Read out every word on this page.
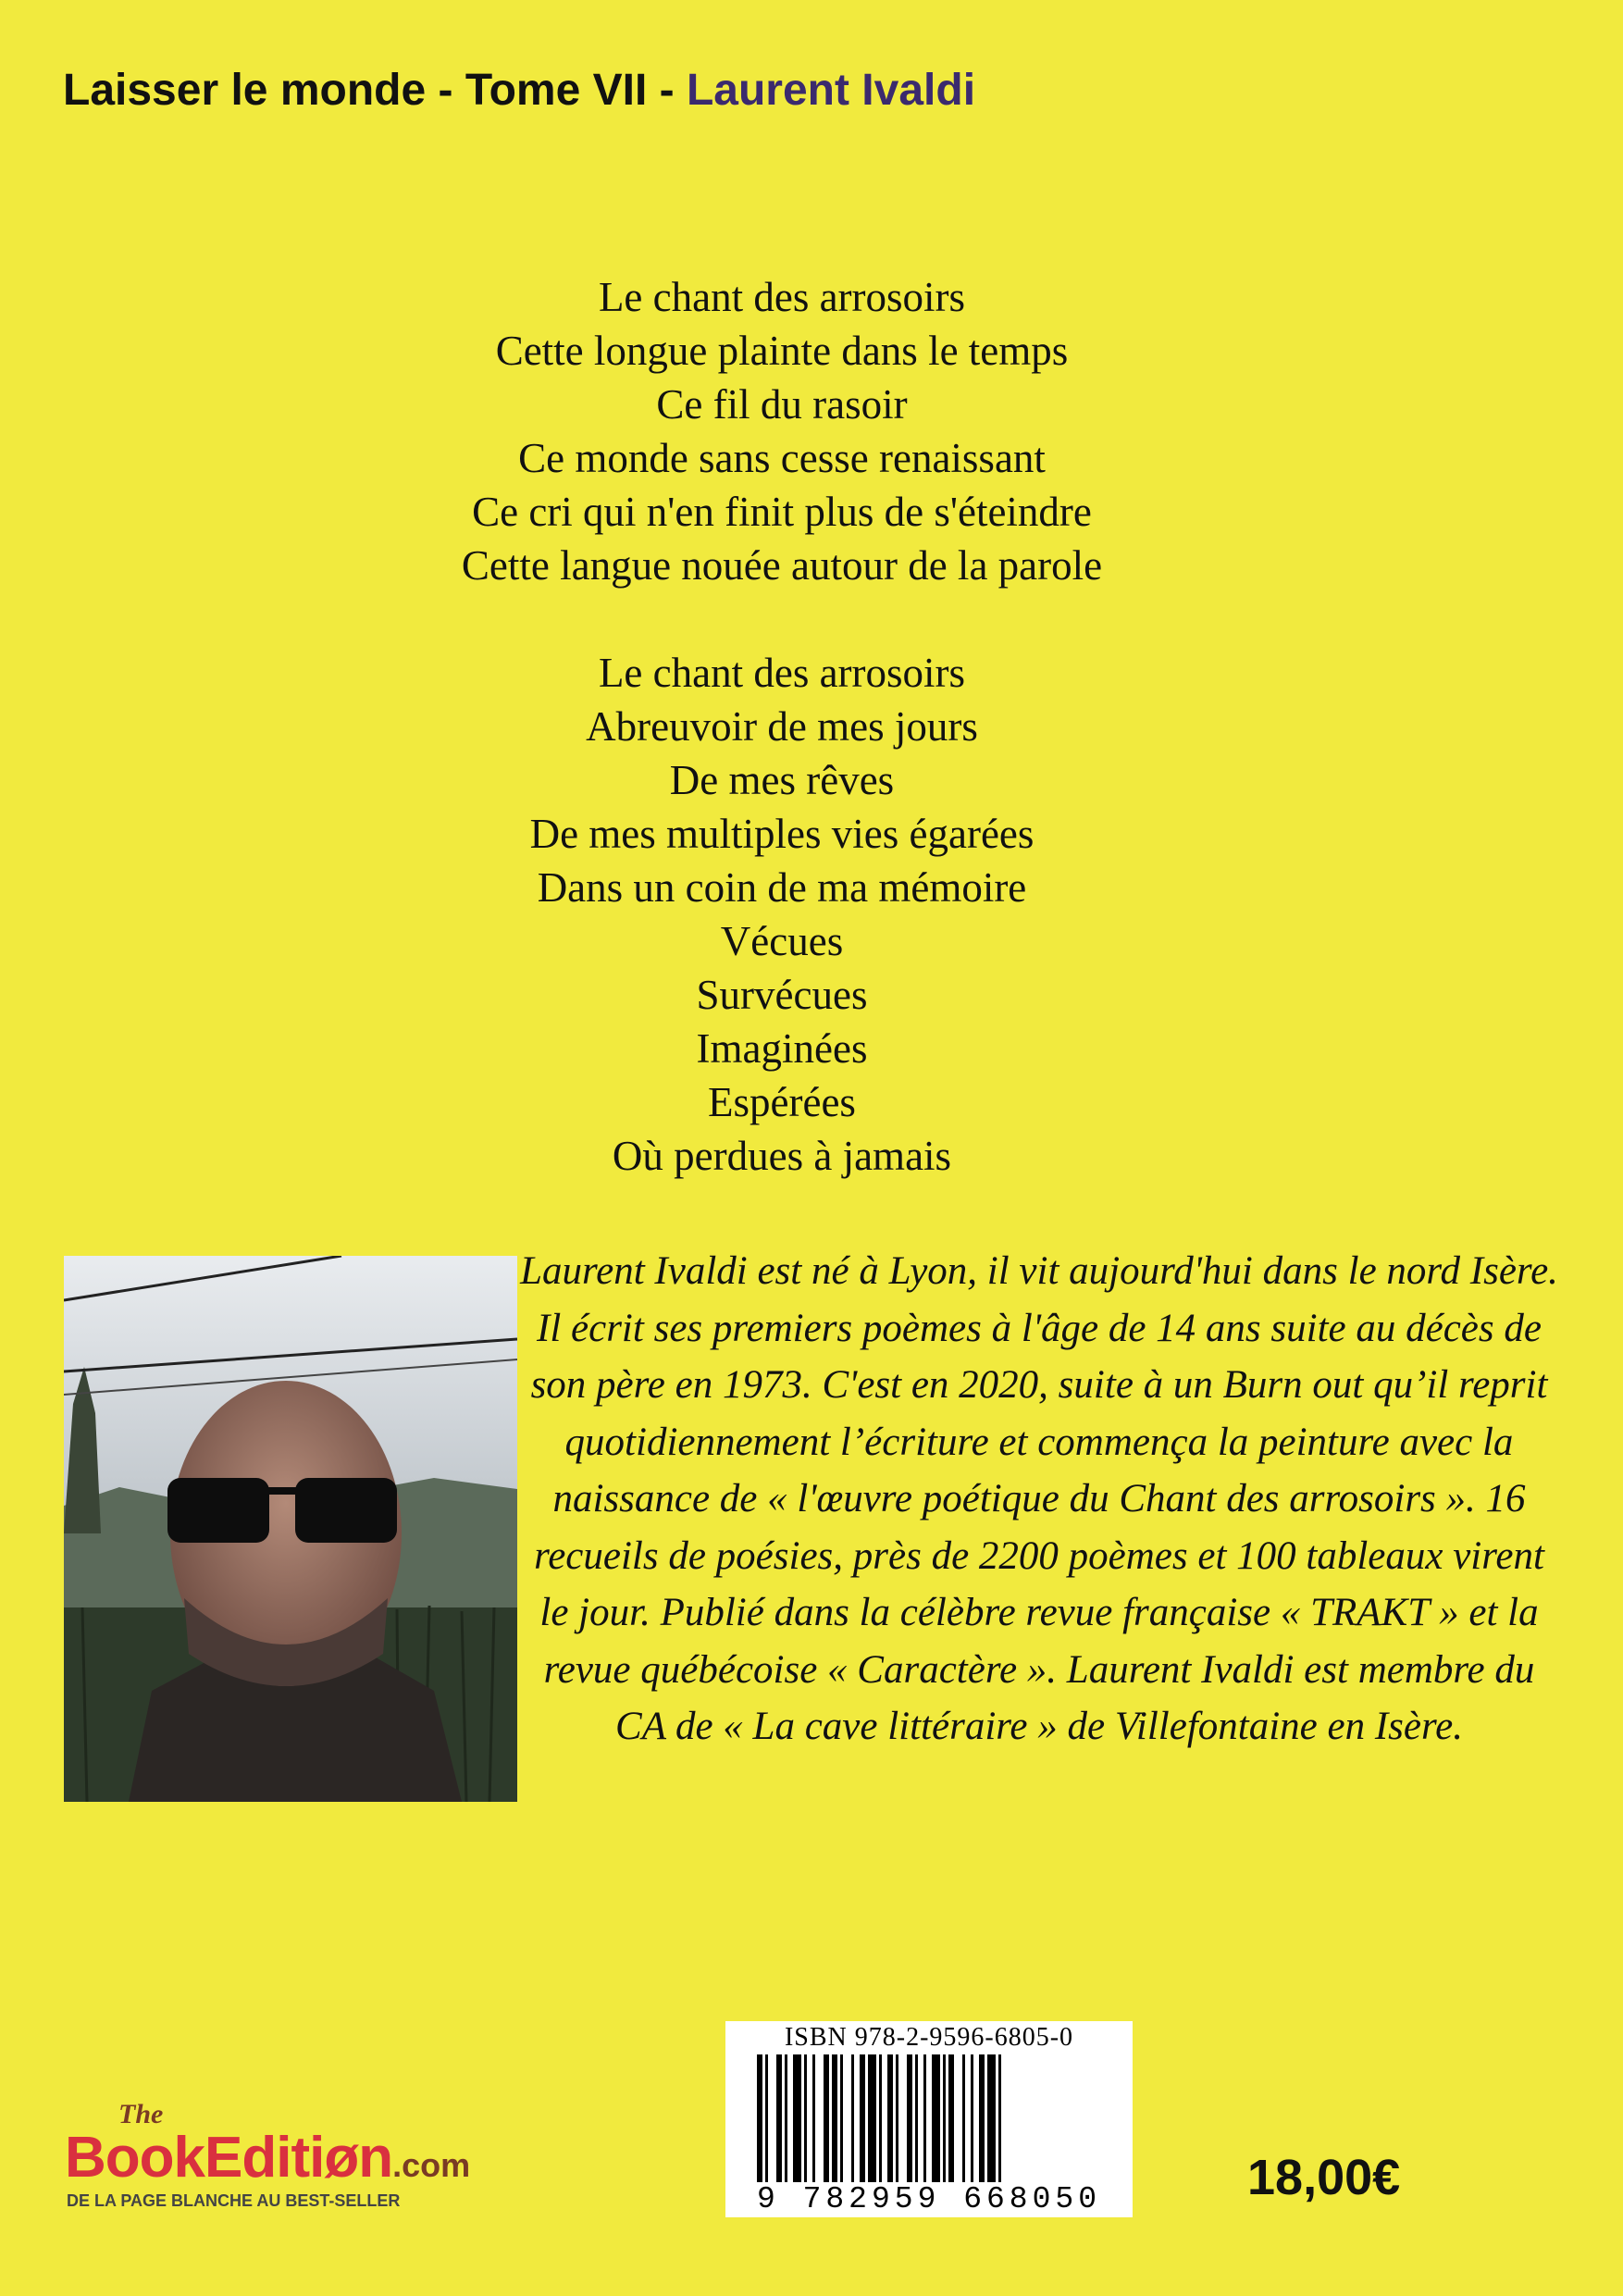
Laisser le monde - Tome VII - Laurent Ivaldi
Le chant des arrosoirs
Cette longue plainte dans le temps
Ce fil du rasoir
Ce monde sans cesse renaissant
Ce cri qui n'en finit plus de s'éteindre
Cette langue nouée autour de la parole
Le chant des arrosoirs
Abreuvoir de mes jours
De mes rêves
De mes multiples vies égarées
Dans un coin de ma mémoire
Vécues
Survécues
Imaginées
Espérées
Où perdues à jamais
Laurent Ivaldi est né à Lyon, il vit aujourd'hui dans le nord Isère. Il écrit ses premiers poèmes à l'âge de 14 ans suite au décès de son père en 1973. C'est en 2020, suite à un Burn out qu’il reprit quotidiennement l’écriture et commença la peinture avec la naissance de « l'œuvre poétique du Chant des arrosoirs ». 16 recueils de poésies, près de 2200 poèmes et 100 tableaux virent le jour. Publié dans la célèbre revue française « TRAKT » et la revue québécoise « Caractère ». Laurent Ivaldi est membre du CA de « La cave littéraire » de Villefontaine en Isère.
ISBN 978-2-9596-6805-0
9 782959 668050
The
BookEditiøn.com
DE LA PAGE BLANCHE AU BEST-SELLER	18,00€
